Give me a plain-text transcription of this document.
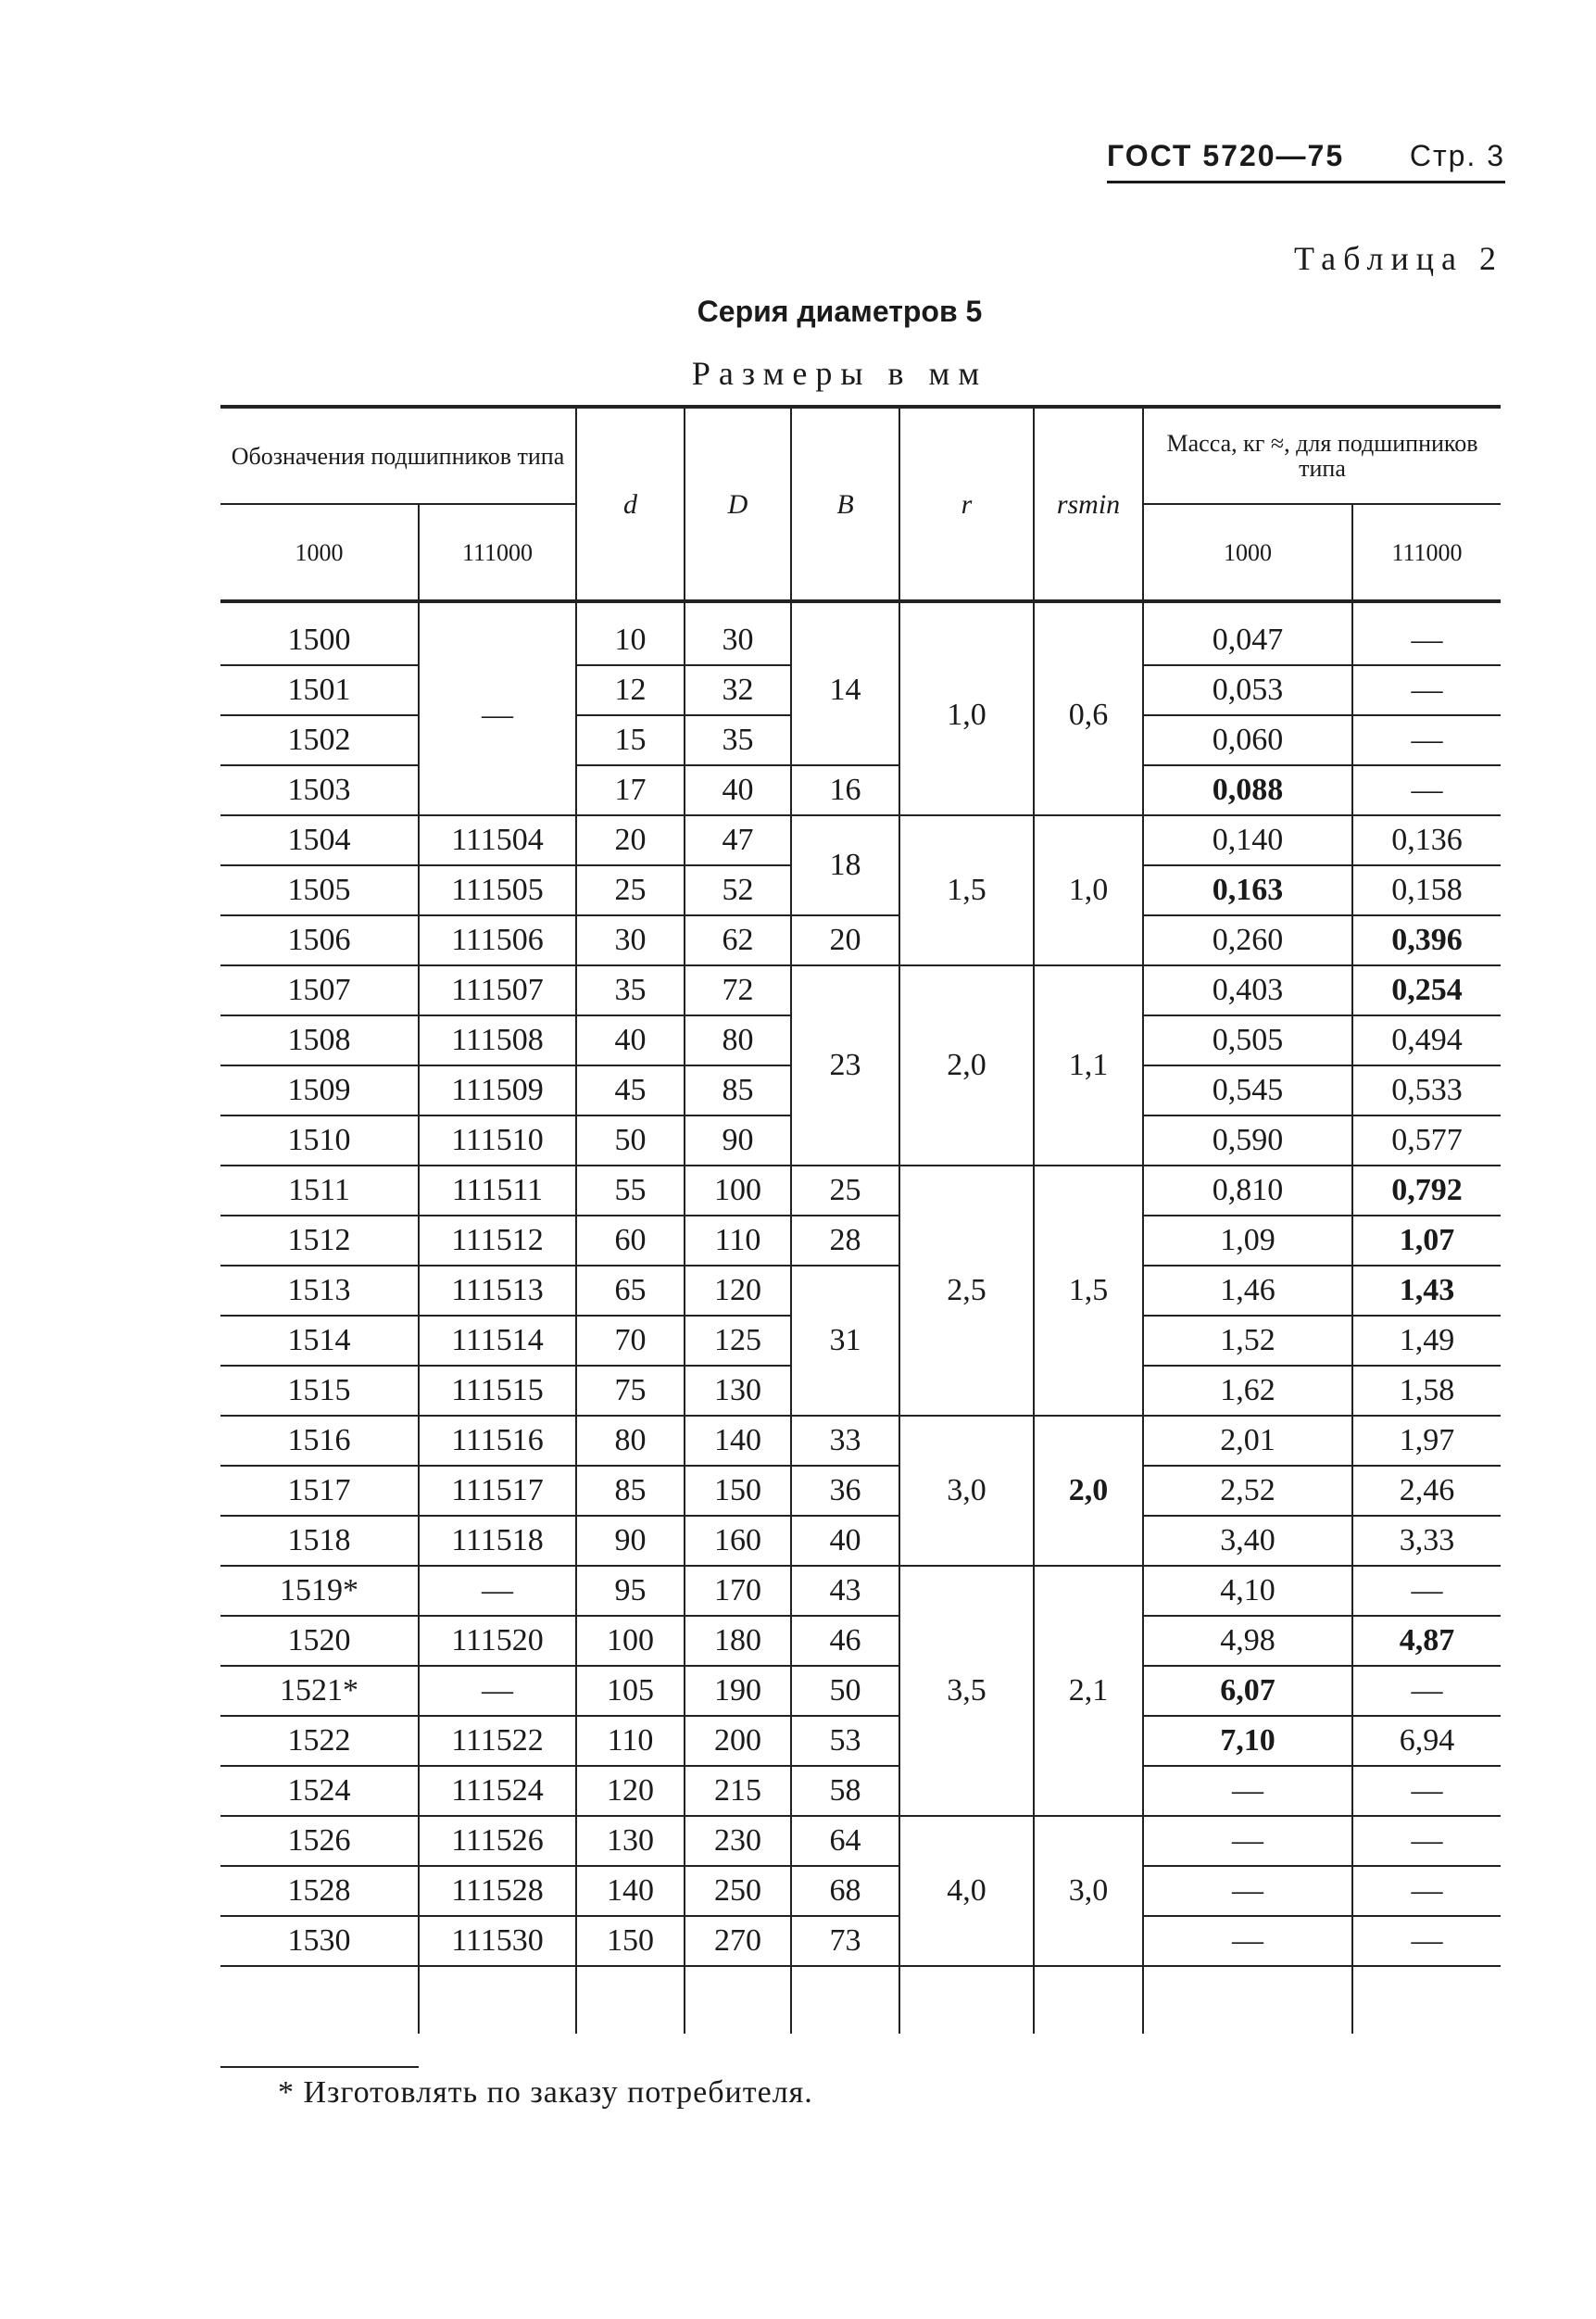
ГОСТ 5720—75 Стр. 3
Таблица 2
Серия диаметров 5
Размеры в мм
Обозначения подшипников типа		d	D	B	r	rsmin	Масса, кг ≈, для подшипников типа	
1000	111000						1000	111000

1500	—	10	30	14	1,0	0,6	0,047	—
1501		12	32				0,053	—
1502		15	35				0,060	—
1503		17	40	16			0,088	—
1504	111504	20	47	18	1,5	1,0	0,140	0,136
1505	111505	25	52				0,163	0,158
1506	111506	30	62	20			0,260	0,396
1507	111507	35	72	23	2,0	1,1	0,403	0,254
1508	111508	40	80				0,505	0,494
1509	111509	45	85				0,545	0,533
1510	111510	50	90				0,590	0,577
1511	111511	55	100	25	2,5	1,5	0,810	0,792
1512	111512	60	110	28			1,09	1,07
1513	111513	65	120	31			1,46	1,43
1514	111514	70	125				1,52	1,49
1515	111515	75	130				1,62	1,58
1516	111516	80	140	33	3,0	2,0	2,01	1,97
1517	111517	85	150	36			2,52	2,46
1518	111518	90	160	40			3,40	3,33
1519*	—	95	170	43	3,5	2,1	4,10	—
1520	111520	100	180	46			4,98	4,87
1521*	—	105	190	50			6,07	—
1522	111522	110	200	53			7,10	6,94
1524	111524	120	215	58			—	—
1526	111526	130	230	64	4,0	3,0	—	—
1528	111528	140	250	68			—	—
1530	111530	150	270	73			—	—

* Изготовлять по заказу потребителя.
